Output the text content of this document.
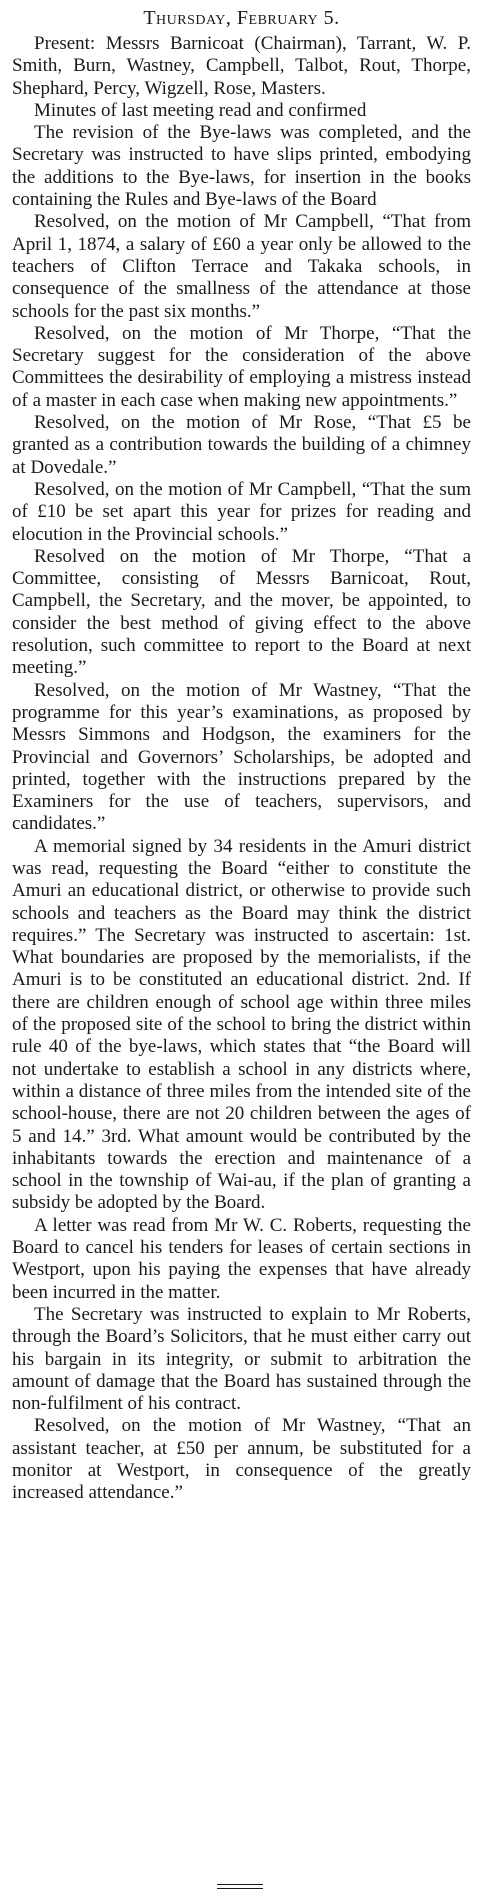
Thursday, February 5.

Present: Messrs Barnicoat (Chairman), Tarrant, W. P. Smith, Burn, Wastney, Campbell, Talbot, Rout, Thorpe, Shephard, Percy, Wigzell, Rose, Masters.

Minutes of last meeting read and confirmed

The revision of the Bye-laws was completed, and the Secretary was instructed to have slips printed, embodying the additions to the Bye-laws, for insertion in the books containing the Rules and Bye-laws of the Board

Resolved, on the motion of Mr Campbell, “That from April 1, 1874, a salary of £60 a year only be allowed to the teachers of Clifton Terrace and Takaka schools, in consequence of the smallness of the attendance at those schools for the past six months.”

Resolved, on the motion of Mr Thorpe, “That the Secretary suggest for the consideration of the above Committees the desirability of employing a mistress instead of a master in each case when making new appointments.”

Resolved, on the motion of Mr Rose, “That £5 be granted as a contribution towards the building of a chimney at Dovedale.”

Resolved, on the motion of Mr Campbell, “That the sum of £10 be set apart this year for prizes for reading and elocution in the Provincial schools.”

Resolved on the motion of Mr Thorpe, “That a Committee, consisting of Messrs Barnicoat, Rout, Campbell, the Secretary, and the mover, be appointed, to consider the best method of giving effect to the above resolution, such committee to report to the Board at next meeting.”

Resolved, on the motion of Mr Wastney, “That the programme for this year’s examinations, as proposed by Messrs Simmons and Hodgson, the examiners for the Provincial and Governors’ Scholarships, be adopted and printed, together with the instructions prepared by the Examiners for the use of teachers, supervisors, and candidates.”

A memorial signed by 34 residents in the Amuri district was read, requesting the Board “either to constitute the Amuri an educational district, or otherwise to provide such schools and teachers as the Board may think the district requires.” The Secretary was instructed to ascertain: 1st. What boundaries are proposed by the memorialists, if the Amuri is to be constituted an educational district. 2nd. If there are children enough of school age within three miles of the proposed site of the school to bring the district within rule 40 of the bye-laws, which states that “the Board will not undertake to establish a school in any districts where, within a distance of three miles from the intended site of the school-house, there are not 20 children between the ages of 5 and 14.” 3rd. What amount would be contributed by the inhabitants towards the erection and maintenance of a school in the township of Wai-au, if the plan of granting a subsidy be adopted by the Board.

A letter was read from Mr W. C. Roberts, requesting the Board to cancel his tenders for leases of certain sections in Westport, upon his paying the expenses that have already been incurred in the matter.

The Secretary was instructed to explain to Mr Roberts, through the Board’s Solicitors, that he must either carry out his bargain in its integrity, or submit to arbitration the amount of damage that the Board has sustained through the non-fulfilment of his contract.

Resolved, on the motion of Mr Wastney, “That an assistant teacher, at £50 per annum, be substituted for a monitor at Westport, in consequence of the greatly increased attendance.”
